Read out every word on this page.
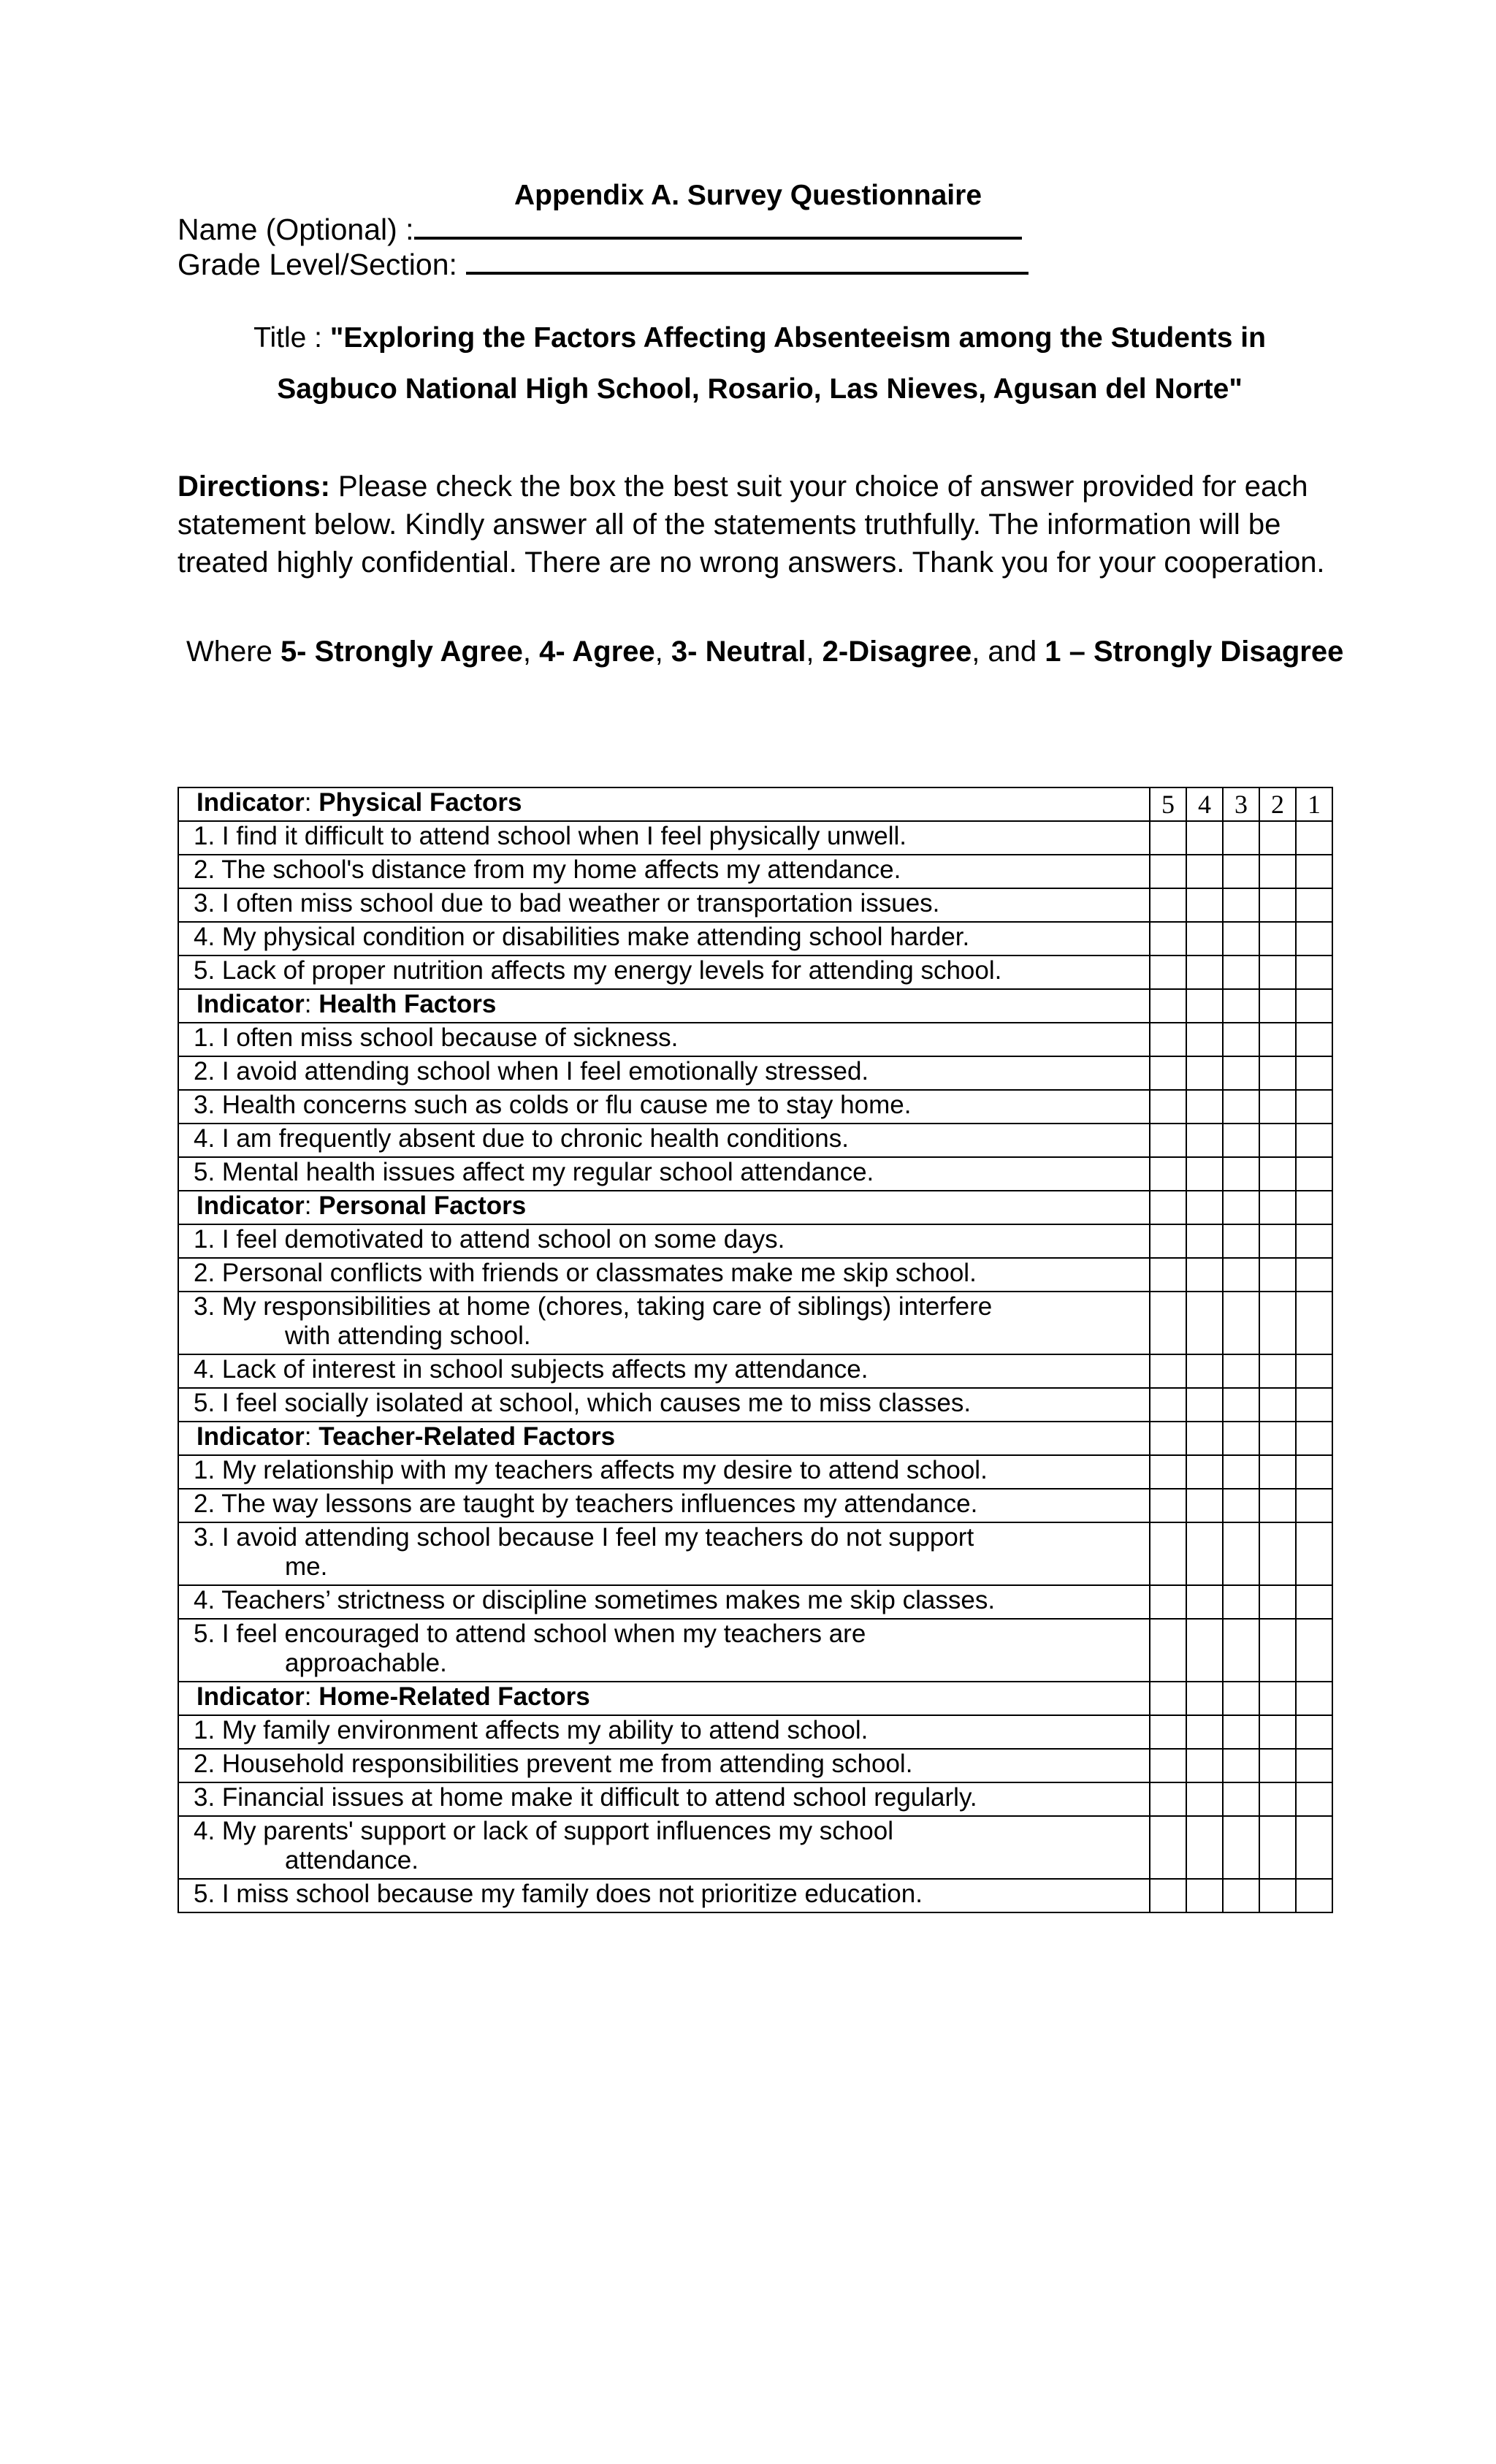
Appendix A. Survey Questionnaire
Name (Optional) :
Grade Level/Section:
Title : "Exploring the Factors Affecting Absenteeism among the Students in
Sagbuco National High School, Rosario, Las Nieves, Agusan del Norte"
Directions: Please check the box the best suit your choice of answer provided for each statement below. Kindly answer all of the statements truthfully. The information will be treated highly confidential. There are no wrong answers. Thank you for your cooperation.
Where 5- Strongly Agree, 4- Agree, 3- Neutral, 2-Disagree, and 1 – Strongly Disagree
Indicator: Physical Factors	5	4	3	2	1
1. I find it difficult to attend school when I feel physically unwell.					
2. The school's distance from my home affects my attendance.					
3. I often miss school due to bad weather or transportation issues.					
4. My physical condition or disabilities make attending school harder.					
5. Lack of proper nutrition affects my energy levels for attending school.					
Indicator: Health Factors					
1. I often miss school because of sickness.					
2. I avoid attending school when I feel emotionally stressed.					
3. Health concerns such as colds or flu cause me to stay home.					
4. I am frequently absent due to chronic health conditions.					
5. Mental health issues affect my regular school attendance.					
Indicator: Personal Factors					
1. I feel demotivated to attend school on some days.					
2. Personal conflicts with friends or classmates make me skip school.					
3. My responsibilities at home (chores, taking care of siblings) interfere
with attending school.					

4. Lack of interest in school subjects affects my attendance.					
5. I feel socially isolated at school, which causes me to miss classes.					
Indicator: Teacher-Related Factors					
1. My relationship with my teachers affects my desire to attend school.					
2. The way lessons are taught by teachers influences my attendance.					
3. I avoid attending school because I feel my teachers do not support
me.					

4. Teachers’ strictness or discipline sometimes makes me skip classes.					
5. I feel encouraged to attend school when my teachers are
approachable.					

Indicator: Home-Related Factors					
1. My family environment affects my ability to attend school.					
2. Household responsibilities prevent me from attending school.					
3. Financial issues at home make it difficult to attend school regularly.					
4. My parents' support or lack of support influences my school
attendance.					

5. I miss school because my family does not prioritize education.					
